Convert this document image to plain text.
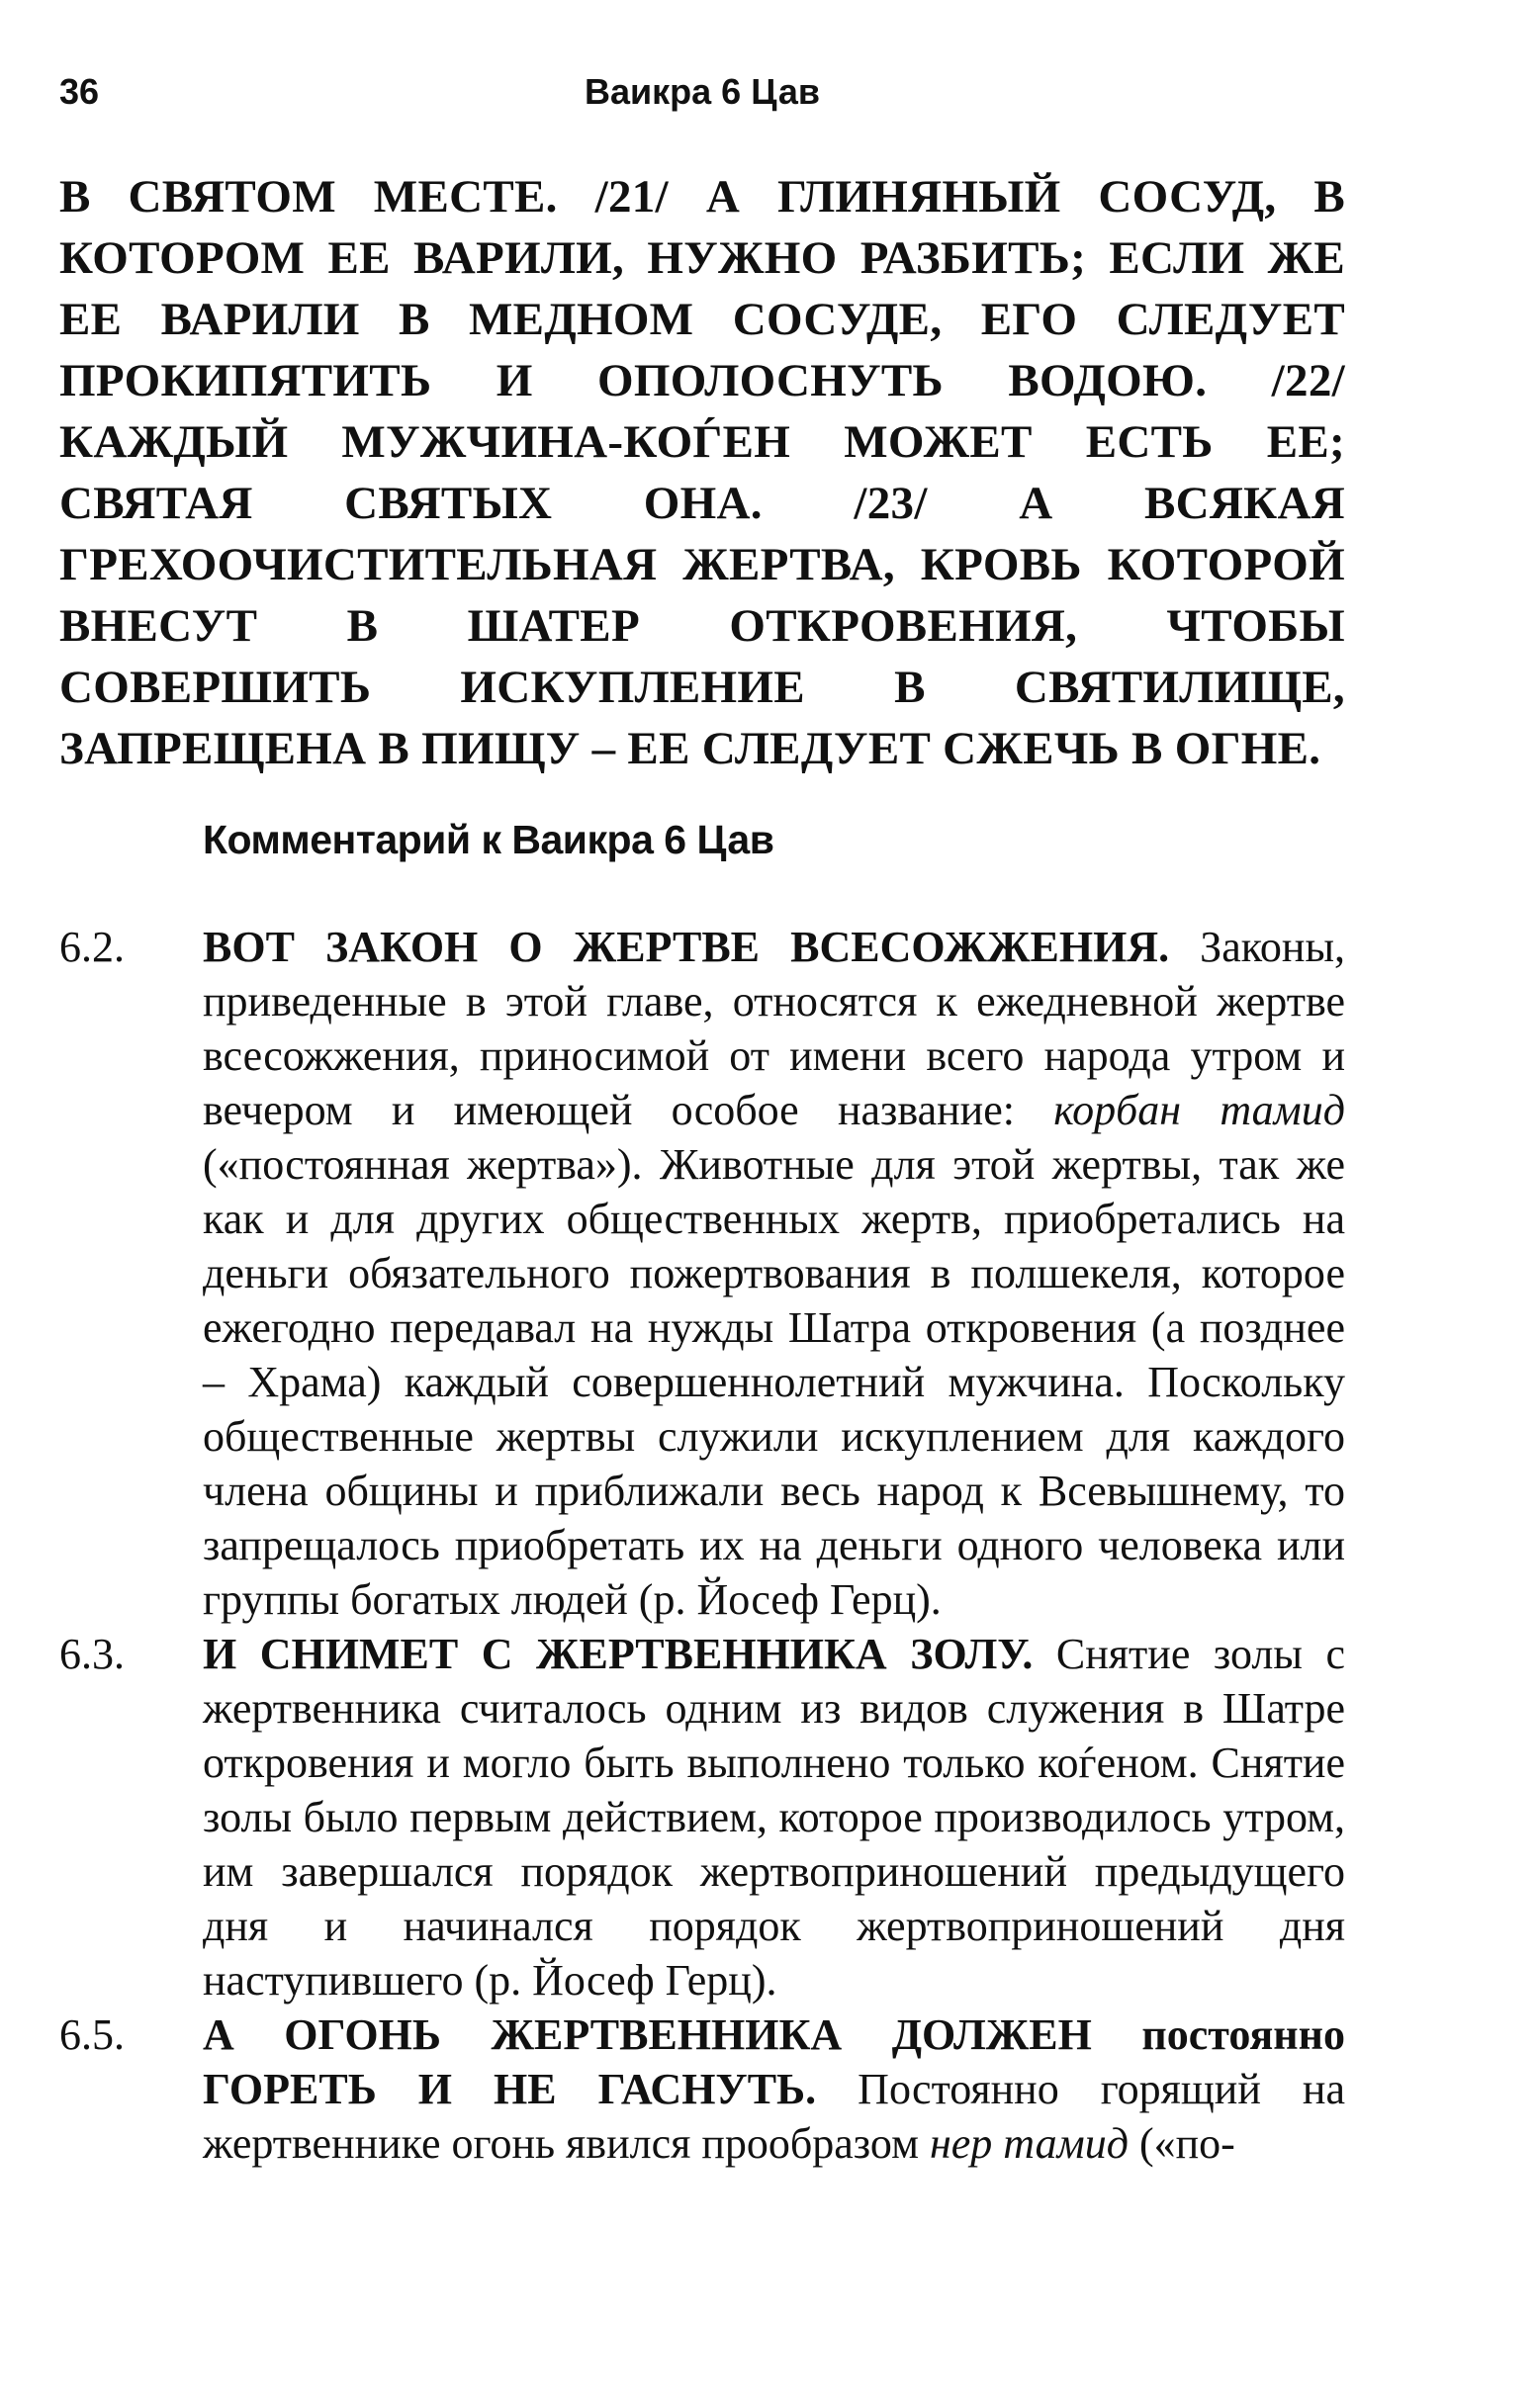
36	Ваикра 6 Цав
В СВЯТОМ МЕСТЕ. /21/ А ГЛИНЯНЫЙ СОСУД, В КОТОРОМ ЕЕ ВАРИЛИ, НУЖНО РАЗБИТЬ; ЕСЛИ ЖЕ ЕЕ ВАРИЛИ В МЕДНОМ СОСУДЕ, ЕГО СЛЕДУЕТ ПРОКИПЯТИТЬ И ОПОЛОСНУТЬ ВОДОЮ. /22/ КАЖДЫЙ МУЖЧИНА-КОЃЕН МОЖЕТ ЕСТЬ ЕЕ; СВЯТАЯ СВЯТЫХ ОНА. /23/ А ВСЯКАЯ ГРЕХООЧИСТИТЕЛЬНАЯ ЖЕРТВА, КРОВЬ КОТОРОЙ ВНЕСУТ В ШАТЕР ОТКРОВЕНИЯ, ЧТОБЫ СОВЕРШИТЬ ИСКУПЛЕНИЕ В СВЯТИЛИЩЕ, ЗАПРЕЩЕНА В ПИЩУ – ЕЕ СЛЕДУЕТ СЖЕЧЬ В ОГНЕ.
Комментарий к Ваикра 6 Цав
6.2.	ВОТ ЗАКОН О ЖЕРТВЕ ВСЕСОЖЖЕНИЯ. Законы, приведенные в этой главе, относятся к ежедневной жертве всесожжения, приносимой от имени всего народа утром и вечером и имеющей особое название: корбан тамид («постоянная жертва»). Животные для этой жертвы, так же как и для других общественных жертв, приобретались на деньги обязательного пожертвования в полшекеля, которое ежегодно передавал на нужды Шатра откровения (а позднее – Храма) каждый совершеннолетний мужчина. Поскольку общественные жертвы служили искуплением для каждого члена общины и приближали весь народ к Всевышнему, то запрещалось приобретать их на деньги одного человека или группы богатых людей (р. Йосеф Герц).
6.3.	И СНИМЕТ С ЖЕРТВЕННИКА ЗОЛУ. Снятие золы с жертвенника считалось одним из видов служения в Шатре откровения и могло быть выполнено только коѓеном. Снятие золы было первым действием, которое производилось утром, им завершался порядок жертвоприношений предыдущего дня и начинался порядок жертвоприношений дня наступившего (р. Йосеф Герц).
6.5.	А ОГОНЬ ЖЕРТВЕННИКА ДОЛЖЕН постоянно ГОРЕТЬ И НЕ ГАСНУТЬ. Постоянно горящий на жертвеннике огонь явился прообразом нер тамид («по-
